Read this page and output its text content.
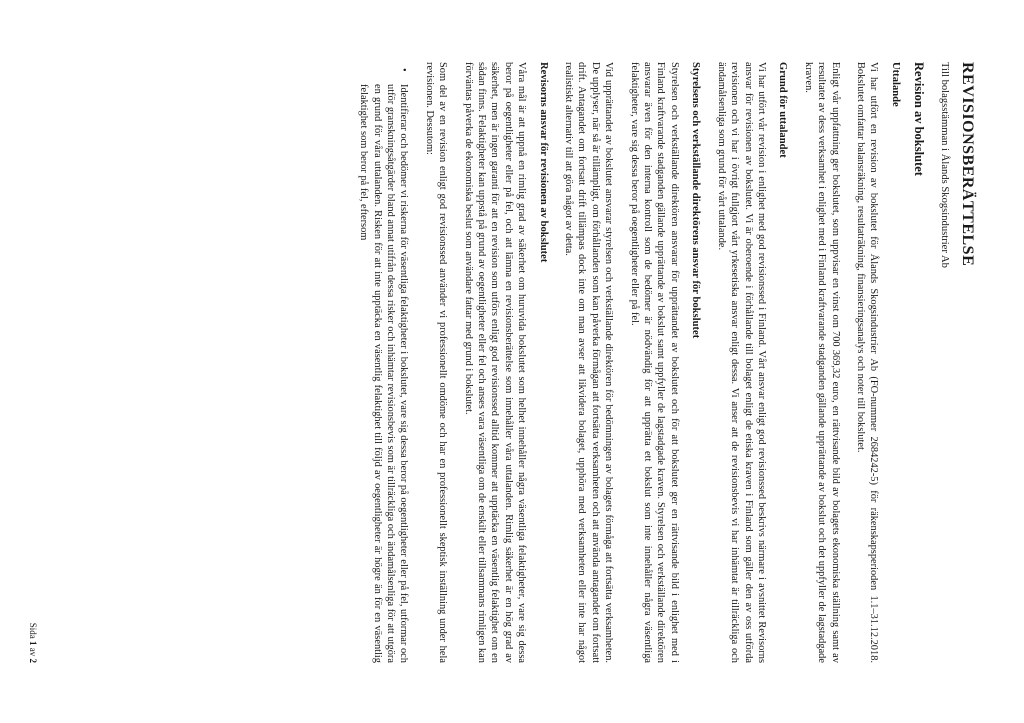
REVISIONSBERÄTTELSE
Till bolagsstämman i Ålands Skogsindustrier Ab
Revision av bokslutet
Uttalande

Vi har utfört en revision av bokslutet för Ålands Skogsindustrier Ab (FO-nummer 2684242-5) för räkenskapsperioden 1.1–31.12.2018. Bokslutet omfattar balansräkning, resultaträkning, finansieringsanalys och noter till bokslutet.

Enligt vår uppfattning ger bokslutet, som uppvisar en vinst om 700 369,32 euro, en rättvisande bild av bolagets ekonomiska ställning samt av resultatet av dess verksamhet i enlighet med i Finland kraftvarande stadganden gällande upprättande av bokslut och det uppfyller de lagstadgade kraven.

Grund för uttalandet

Vi har utfört vår revision i enlighet med god revisionssed i Finland. Vårt ansvar enligt god revisionssed beskrivs närmare i avsnittet Revisorns ansvar för revisionen av bokslutet. Vi är oberoende i förhållande till bolaget enligt de etiska kraven i Finland som gäller den av oss utförda revisionen och vi har i övrigt fullgjort vårt yrkesetiska ansvar enligt dessa. Vi anser att de revisionsbevis vi har inhämtat är tillräckliga och ändamålsenliga som grund för vårt uttalande.

Styrelsens och verkställande direktörens ansvar för bokslutet

Styrelsen och verkställande direktören ansvarar för upprättandet av bokslutet och för att bokslutet ger en rättvisande bild i enlighet med i Finland kraftvarande stadganden gällande upprättande av bokslut samt uppfyller de lagstadgade kraven. Styrelsen och verkställande direktören ansvarar även för den interna kontroll som de bedömer är nödvändig för att upprätta ett bokslut som inte innehåller några väsentliga felaktigheter, vare sig dessa beror på oegentligheter eller på fel.

Vid upprättandet av bokslutet ansvarar styrelsen och verkställande direktören för bedömningen av bolagets förmåga att fortsätta verksamheten. De upplyser, när så är tillämpligt, om förhållanden som kan påverka förmågan att fortsätta verksamheten och att använda antagandet om fortsatt drift. Antagandet om fortsatt drift tillämpas dock inte om man avser att likvidera bolaget, upphöra med verksamheten eller inte har något realistiskt alternativ till att göra något av detta.

Revisorns ansvar för revisionen av bokslutet

Våra mål är att uppnå en rimlig grad av säkerhet om huruvida bokslutet som helhet innehåller några väsentliga felaktigheter, vare sig dessa beror på oegentligheter eller på fel, och att lämna en revisionsberättelse som innehåller våra uttalanden. Rimlig säkerhet är en hög grad av säkerhet, men är ingen garanti för att en revision som utförs enligt god revisionssed alltid kommer att upptäcka en väsentlig felaktighet om en sådan finns. Felaktigheter kan uppstå på grund av oegentligheter eller fel och anses vara väsentliga om de enskilt eller tillsammans rimligen kan förväntas påverka de ekonomiska beslut som användare fattar med grund i bokslutet.

Som del av en revision enligt god revisionssed använder vi professionellt omdöme och har en professionellt skeptisk inställning under hela revisionen. Dessutom:

•
Identifierar och bedömer vi riskerna för väsentliga felaktigheter i bokslutet, vare sig dessa beror på oegentligheter eller på fel, utformar och utför granskningsåtgärder bland annat utifrån dessa risker och inhämtar revisionsbevis som är tillräckliga och ändamålsenliga för att utgöra en grund för våra uttalanden. Risken för att inte upptäcka en väsentlig felaktighet till följd av oegentligheter är högre än för en väsentlig felaktighet som beror på fel, eftersom
Sida 1 av 2
